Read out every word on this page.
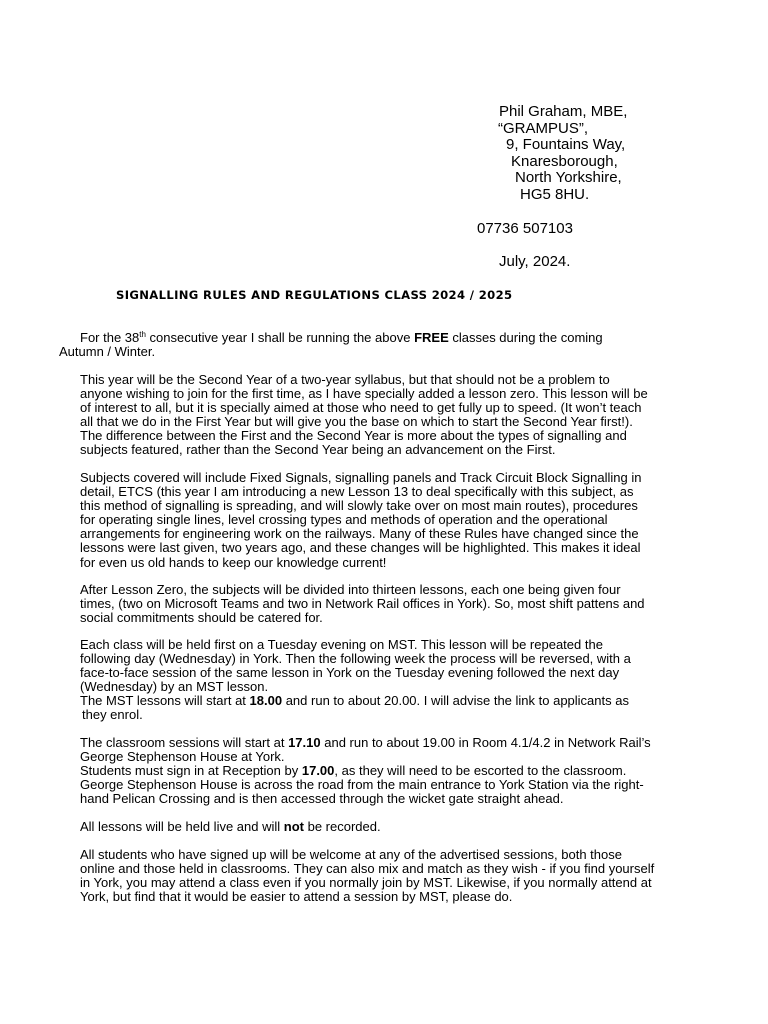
Phil Graham, MBE,
“GRAMPUS”,
9, Fountains Way,
Knaresborough,
North Yorkshire,
HG5 8HU.
07736 507103
July, 2024.
SIGNALLING RULES AND REGULATIONS CLASS 2024 / 2025
For the 38th consecutive year I shall be running the above FREE classes during the coming
Autumn / Winter.
This year will be the Second Year of a two-year syllabus, but that should not be a problem to
anyone wishing to join for the first time, as I have specially added a lesson zero. This lesson will be
of interest to all, but it is specially aimed at those who need to get fully up to speed. (It won’t teach
all that we do in the First Year but will give you the base on which to start the Second Year first!).
The difference between the First and the Second Year is more about the types of signalling and
subjects featured, rather than the Second Year being an advancement on the First.
Subjects covered will include Fixed Signals, signalling panels and Track Circuit Block Signalling in
detail, ETCS (this year I am introducing a new Lesson 13 to deal specifically with this subject, as
this method of signalling is spreading, and will slowly take over on most main routes), procedures
for operating single lines, level crossing types and methods of operation and the operational
arrangements for engineering work on the railways. Many of these Rules have changed since the
lessons were last given, two years ago, and these changes will be highlighted. This makes it ideal
for even us old hands to keep our knowledge current!
After Lesson Zero, the subjects will be divided into thirteen lessons, each one being given four
times, (two on Microsoft Teams and two in Network Rail offices in York). So, most shift pattens and
social commitments should be catered for.
Each class will be held first on a Tuesday evening on MST. This lesson will be repeated the
following day (Wednesday) in York. Then the following week the process will be reversed, with a
face-to-face session of the same lesson in York on the Tuesday evening followed the next day
(Wednesday) by an MST lesson.
The MST lessons will start at 18.00 and run to about 20.00. I will advise the link to applicants as
they enrol.
The classroom sessions will start at 17.10 and run to about 19.00 in Room 4.1/4.2 in Network Rail’s
George Stephenson House at York.
Students must sign in at Reception by 17.00, as they will need to be escorted to the classroom.
George Stephenson House is across the road from the main entrance to York Station via the right-
hand Pelican Crossing and is then accessed through the wicket gate straight ahead.
All lessons will be held live and will not be recorded.
All students who have signed up will be welcome at any of the advertised sessions, both those
online and those held in classrooms. They can also mix and match as they wish - if you find yourself
in York, you may attend a class even if you normally join by MST. Likewise, if you normally attend at
York, but find that it would be easier to attend a session by MST, please do.
